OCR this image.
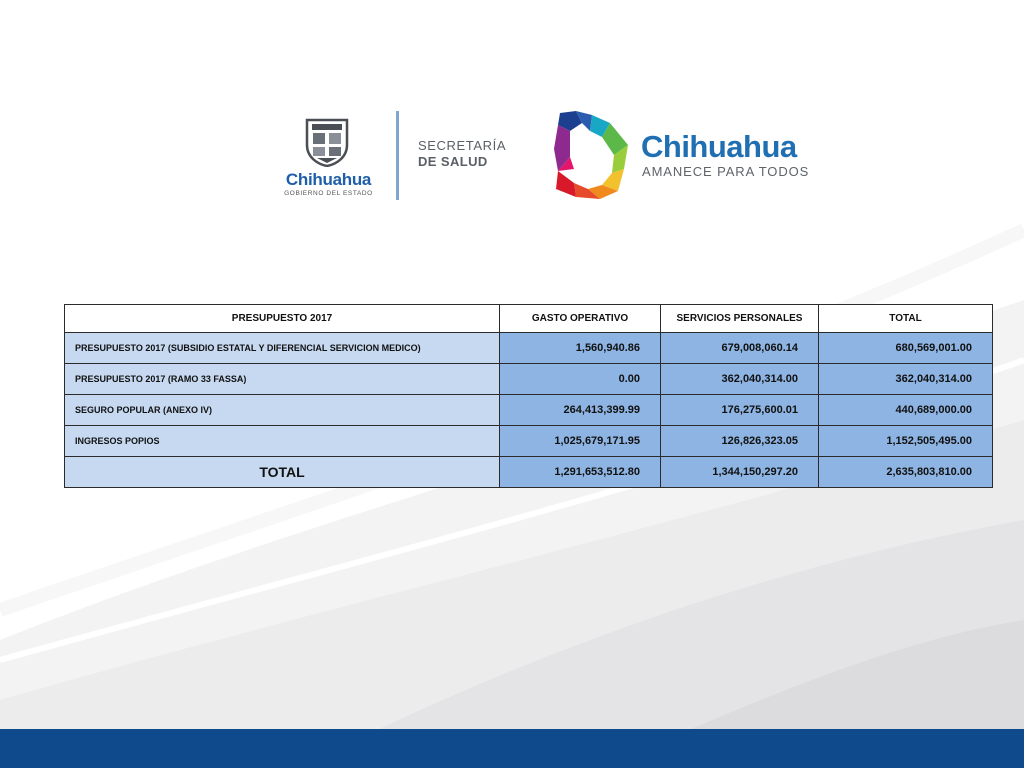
Chihuahua
GOBIERNO DEL ESTADO
SECRETARÍA
DE SALUD	Chihuahua
AMANECE PARA TODOS
PRESUPUESTO 2017	GASTO OPERATIVO	SERVICIOS PERSONALES	TOTAL
PRESUPUESTO 2017 (SUBSIDIO ESTATAL Y DIFERENCIAL SERVICION MEDICO)	1,560,940.86	679,008,060.14	680,569,001.00
PRESUPUESTO 2017 (RAMO 33 FASSA)	0.00	362,040,314.00	362,040,314.00
SEGURO POPULAR (ANEXO IV)	264,413,399.99	176,275,600.01	440,689,000.00
INGRESOS POPIOS	1,025,679,171.95	126,826,323.05	1,152,505,495.00
TOTAL	1,291,653,512.80	1,344,150,297.20	2,635,803,810.00
